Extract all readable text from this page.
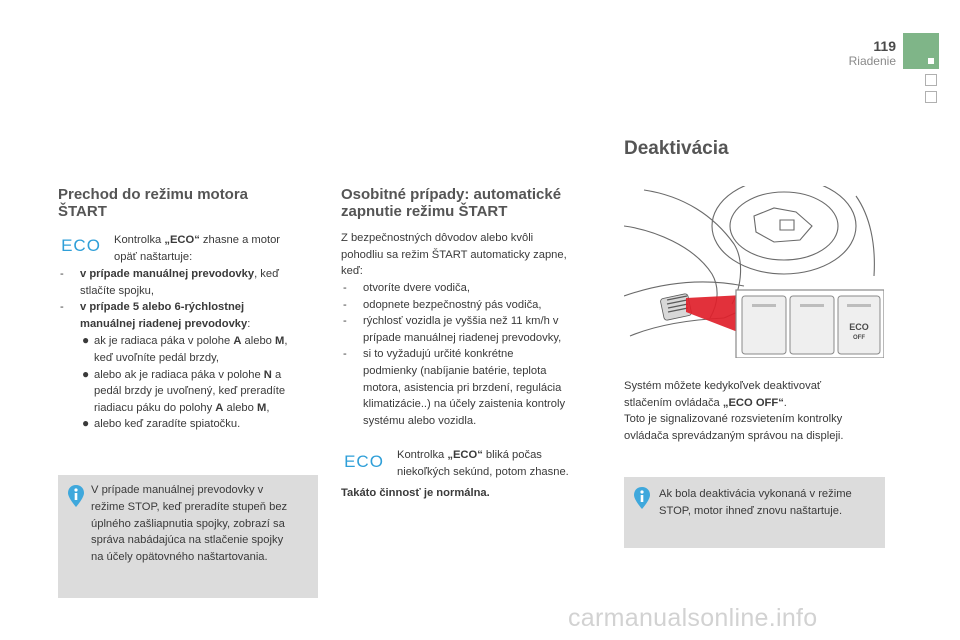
119
Riadenie
Prechod do režimu motora
ŠTART
ECO Kontrolka „ECO“ zhasne a motor
opäť naštartuje:
- v prípade manuálnej prevodovky, keď
stlačíte spojku,
- v prípade 5 alebo 6-rýchlostnej
manuálnej riadenej prevodovky:
● ak je radiaca páka v polohe A alebo M,
keď uvoľníte pedál brzdy,
● alebo ak je radiaca páka v polohe N a
pedál brzdy je uvoľnený, keď preradíte
riadiacu páku do polohy A alebo M,
● alebo keď zaradíte spiatočku.
V prípade manuálnej prevodovky v
režime STOP, keď preradíte stupeň bez
úplného zašliapnutia spojky, zobrazí sa
správa nabádajúca na stlačenie spojky
na účely opätovného naštartovania.
Osobitné prípady: automatické
zapnutie režimu ŠTART
Z bezpečnostných dôvodov alebo kvôli
pohodliu sa režim ŠTART automaticky zapne,
keď:
- otvoríte dvere vodiča,
- odopnete bezpečnostný pás vodiča,
- rýchlosť vozidla je vyššia než 11 km/h v
prípade manuálnej riadenej prevodovky,
- si to vyžadujú určité konkrétne
podmienky (nabíjanie batérie, teplota
motora, asistencia pri brzdení, regulácia
klimatizácie..) na účely zaistenia kontroly
systému alebo vozidla.
ECO Kontrolka „ECO“ bliká počas
niekoľkých sekúnd, potom zhasne.
Takáto činnosť je normálna.
Deaktivácia
ECO
OFF
Systém môžete kedykoľvek deaktivovať
stlačením ovládača „ECO OFF“.
Toto je signalizované rozsvietením kontrolky
ovládača sprevádzaným správou na displeji.
Ak bola deaktivácia vykonaná v režime
STOP, motor ihneď znovu naštartuje.
carmanualsonline.info
